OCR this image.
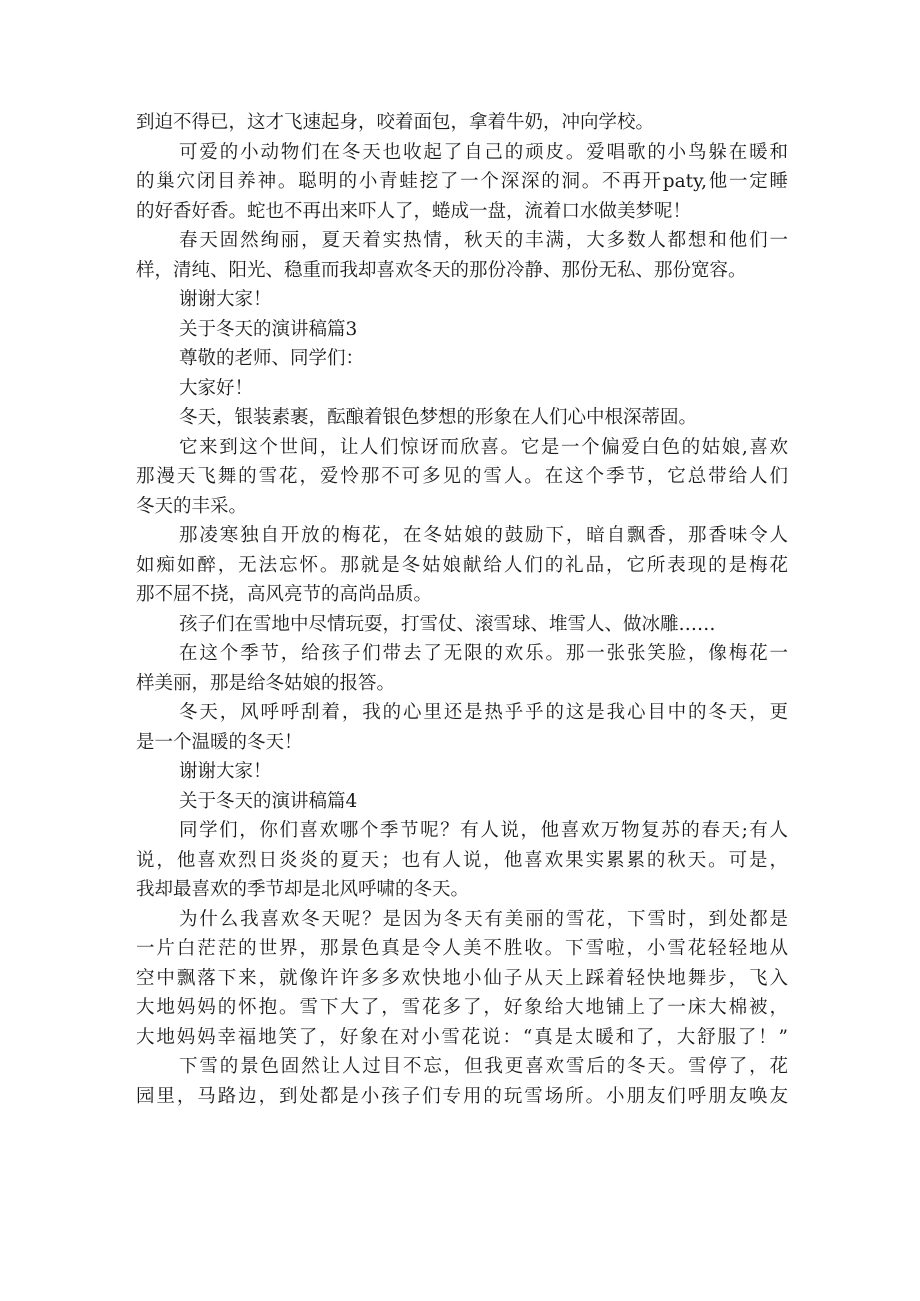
到迫不得已，这才飞速起身，咬着面包，拿着牛奶，冲向学校。
可爱的小动物们在冬天也收起了自己的顽皮。爱唱歌的小鸟躲在暖和
的巢穴闭目养神。聪明的小青蛙挖了一个深深的洞。不再开paty,他一定睡
的好香好香。蛇也不再出来吓人了，蜷成一盘，流着口水做美梦呢！
春天固然绚丽，夏天着实热情，秋天的丰满，大多数人都想和他们一
样，清纯、阳光、稳重而我却喜欢冬天的那份冷静、那份无私、那份宽容。
谢谢大家！
关于冬天的演讲稿篇3
尊敬的老师、同学们：
大家好！
冬天，银装素裹，酝酿着银色梦想的形象在人们心中根深蒂固。
它来到这个世间，让人们惊讶而欣喜。它是一个偏爱白色的姑娘,喜欢
那漫天飞舞的雪花，爱怜那不可多见的雪人。在这个季节，它总带给人们
冬天的丰采。
那凌寒独自开放的梅花，在冬姑娘的鼓励下，暗自飘香，那香味令人
如痴如醉，无法忘怀。那就是冬姑娘献给人们的礼品，它所表现的是梅花
那不屈不挠，高风亮节的高尚品质。
孩子们在雪地中尽情玩耍，打雪仗、滚雪球、堆雪人、做冰雕……
在这个季节，给孩子们带去了无限的欢乐。那一张张笑脸，像梅花一
样美丽，那是给冬姑娘的报答。
冬天，风呼呼刮着，我的心里还是热乎乎的这是我心目中的冬天，更
是一个温暖的冬天！
谢谢大家！
关于冬天的演讲稿篇4
同学们，你们喜欢哪个季节呢？有人说，他喜欢万物复苏的春天;有人
说，他喜欢烈日炎炎的夏天；也有人说，他喜欢果实累累的秋天。可是，
我却最喜欢的季节却是北风呼啸的冬天。
为什么我喜欢冬天呢？是因为冬天有美丽的雪花，下雪时，到处都是
一片白茫茫的世界，那景色真是令人美不胜收。下雪啦，小雪花轻轻地从
空中飘落下来，就像许许多多欢快地小仙子从天上踩着轻快地舞步，飞入
大地妈妈的怀抱。雪下大了，雪花多了，好象给大地铺上了一床大棉被，
大地妈妈幸福地笑了，好象在对小雪花说：“真是太暖和了，大舒服了！”
下雪的景色固然让人过目不忘，但我更喜欢雪后的冬天。雪停了，花
园里，马路边，到处都是小孩子们专用的玩雪场所。小朋友们呼朋友唤友
